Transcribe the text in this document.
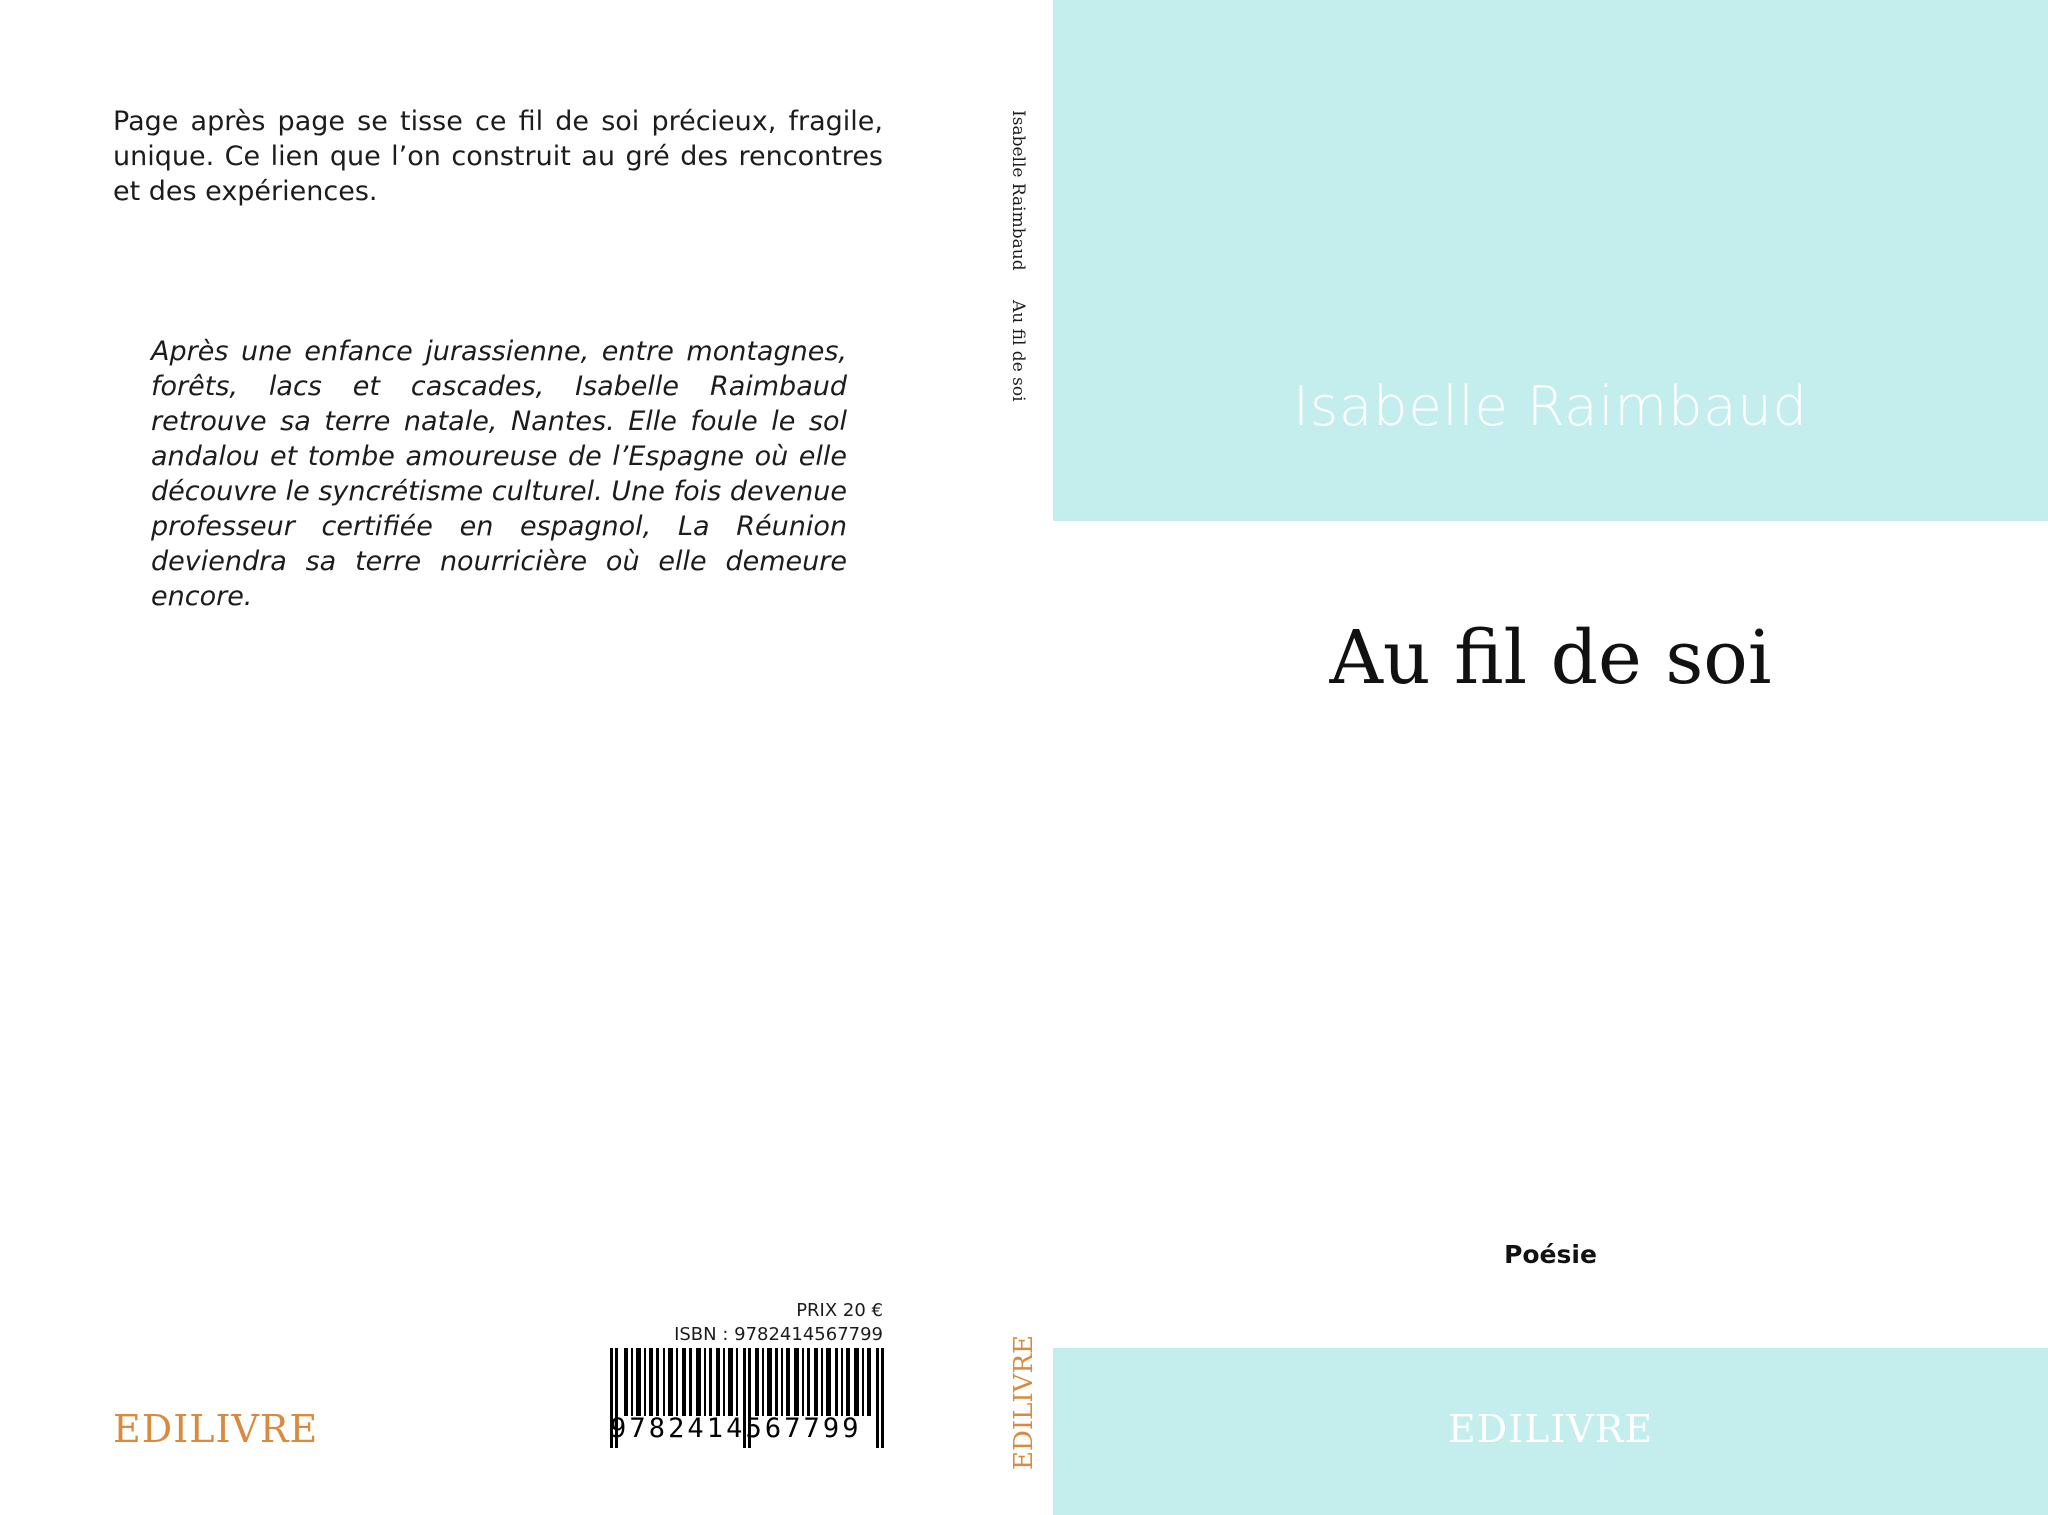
Page après page se tisse ce fil de soi précieux, fragile, unique. Ce lien que l’on construit au gré des rencontres et des expériences.

Après une enfance jurassienne, entre montagnes, forêts, lacs et cascades, Isabelle Raimbaud retrouve sa terre natale, Nantes. Elle foule le sol andalou et tombe amoureuse de l’Espagne où elle découvre le syncrétisme culturel. Une fois devenue professeur certifiée en espagnol, La Réunion deviendra sa terre nourricière où elle demeure encore.

EDILIVRE
PRIX 20 €
ISBN : 9782414567799
9782414567799
Isabelle Raimbaud
Au fil de soi
EDILIVRE
Isabelle Raimbaud
Au fil de soi
Poésie
EDILIVRE
